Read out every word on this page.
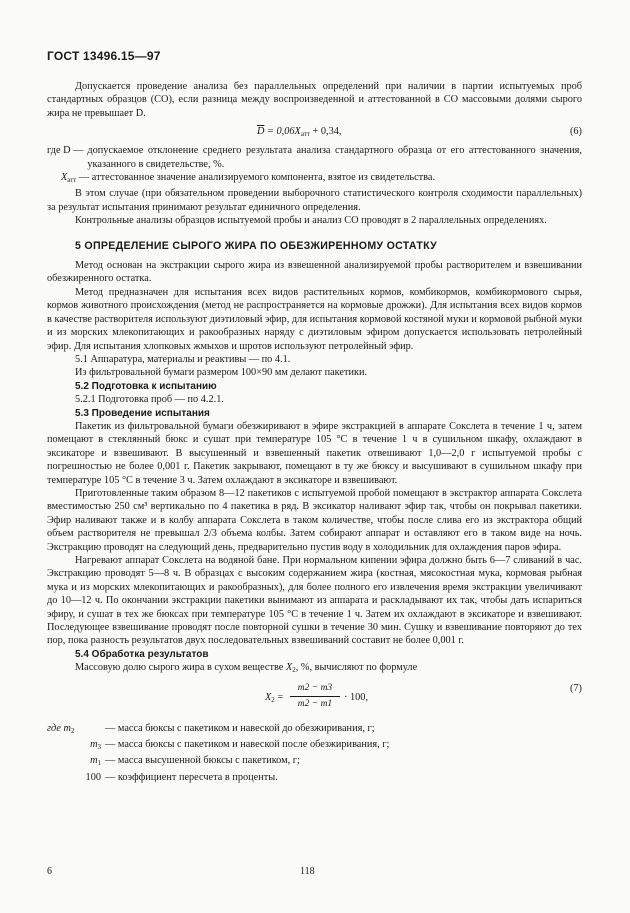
ГОСТ 13496.15—97

Допускается проведение анализа без параллельных определений при наличии в партии испытуемых проб стандартных образцов (СО), если разница между воспроизведенной и аттестованной в СО массовыми долями сырого жира не превышает D.

$\overline{D} = 0,06X_{атт} + 0,34$,	(6)
где D — допускаемое отклонение среднего результата анализа стандартного образца от его аттестованного значения, указанного в свидетельстве, %.

$X_{атт}$ — аттестованное значение анализируемого компонента, взятое из свидетельства.

В этом случае (при обязательном проведении выборочного статистического контроля сходимости параллельных) за результат испытания принимают результат единичного определения.

Контрольные анализы образцов испытуемой пробы и анализ СО проводят в 2 параллельных определениях.

5 ОПРЕДЕЛЕНИЕ СЫРОГО ЖИРА ПО ОБЕЗЖИРЕННОМУ ОСТАТКУ

Метод основан на экстракции сырого жира из взвешенной анализируемой пробы растворителем и взвешивании обезжиренного остатка.

Метод предназначен для испытания всех видов растительных кормов, комбикормов, комбикормового сырья, кормов животного происхождения (метод не распространяется на кормовые дрожжи). Для испытания всех видов кормов в качестве растворителя используют диэтиловый эфир, для испытания кормовой костяной муки и кормовой рыбной муки и из морских млекопитающих и ракообразных наряду с диэтиловым эфиром допускается использовать петролейный эфир. Для испытания хлопковых жмыхов и шротов используют петролейный эфир.

5.1 Аппаратура, материалы и реактивы — по 4.1.

Из фильтровальной бумаги размером 100×90 мм делают пакетики.

5.2 Подготовка к испытанию

5.2.1 Подготовка проб — по 4.2.1.

5.3 Проведение испытания

Пакетик из фильтровальной бумаги обезжиривают в эфире экстракцией в аппарате Сокслета в течение 1 ч, затем помещают в стеклянный бюкс и сушат при температуре 105 °С в течение 1 ч в сушильном шкафу, охлаждают в эксикаторе и взвешивают. В высушенный и взвешенный пакетик отвешивают 1,0—2,0 г испытуемой пробы с погрешностью не более 0,001 г. Пакетик закрывают, помещают в ту же бюксу и высушивают в сушильном шкафу при температуре 105 °С в течение 3 ч. Затем охлаждают в эксикаторе и взвешивают.

Приготовленные таким образом 8—12 пакетиков с испытуемой пробой помещают в экстрактор аппарата Сокслета вместимостью 250 см³ вертикально по 4 пакетика в ряд. В эксикатор наливают эфир так, чтобы он покрывал пакетики. Эфир наливают также и в колбу аппарата Сокслета в таком количестве, чтобы после слива его из экстрактора общий объем растворителя не превышал 2/3 объема колбы. Затем собирают аппарат и оставляют его в таком виде на ночь. Экстракцию проводят на следующий день, предварительно пустив воду в холодильник для охлаждения паров эфира.

Нагревают аппарат Сокслета на водяной бане. При нормальном кипении эфира должно быть 6—7 сливаний в час. Экстракцию проводят 5—8 ч. В образцах с высоким содержанием жира (костная, мясокостная мука, кормовая рыбная мука и из морских млекопитающих и ракообразных), для более полного его извлечения время экстракции увеличивают до 10—12 ч. По окончании экстракции пакетики вынимают из аппарата и раскладывают их так, чтобы дать испариться эфиру, и сушат в тех же бюксах при температуре 105 °С в течение 1 ч. Затем их охлаждают в эксикаторе и взвешивают. Последующее взвешивание проводят после повторной сушки в течение 30 мин. Сушку и взвешивание повторяют до тех пор, пока разность результатов двух последовательных взвешиваний составит не более 0,001 г.

5.4 Обработка результатов

Массовую долю сырого жира в сухом веществе $X_2$, %, вычисляют по формуле

$X_2 = \frac{m2 - m3}{m2 - m1} \cdot 100$,
(7)
где $m_2$	— масса бюксы с пакетиком и навеской до обезжиривания, г;
$m_3$ — масса бюксы с пакетиком и навеской после обезжиривания, г;
$m_1$ — масса высушенной бюксы с пакетиком, г;
100 — коэффициент пересчета в проценты.
6	118
